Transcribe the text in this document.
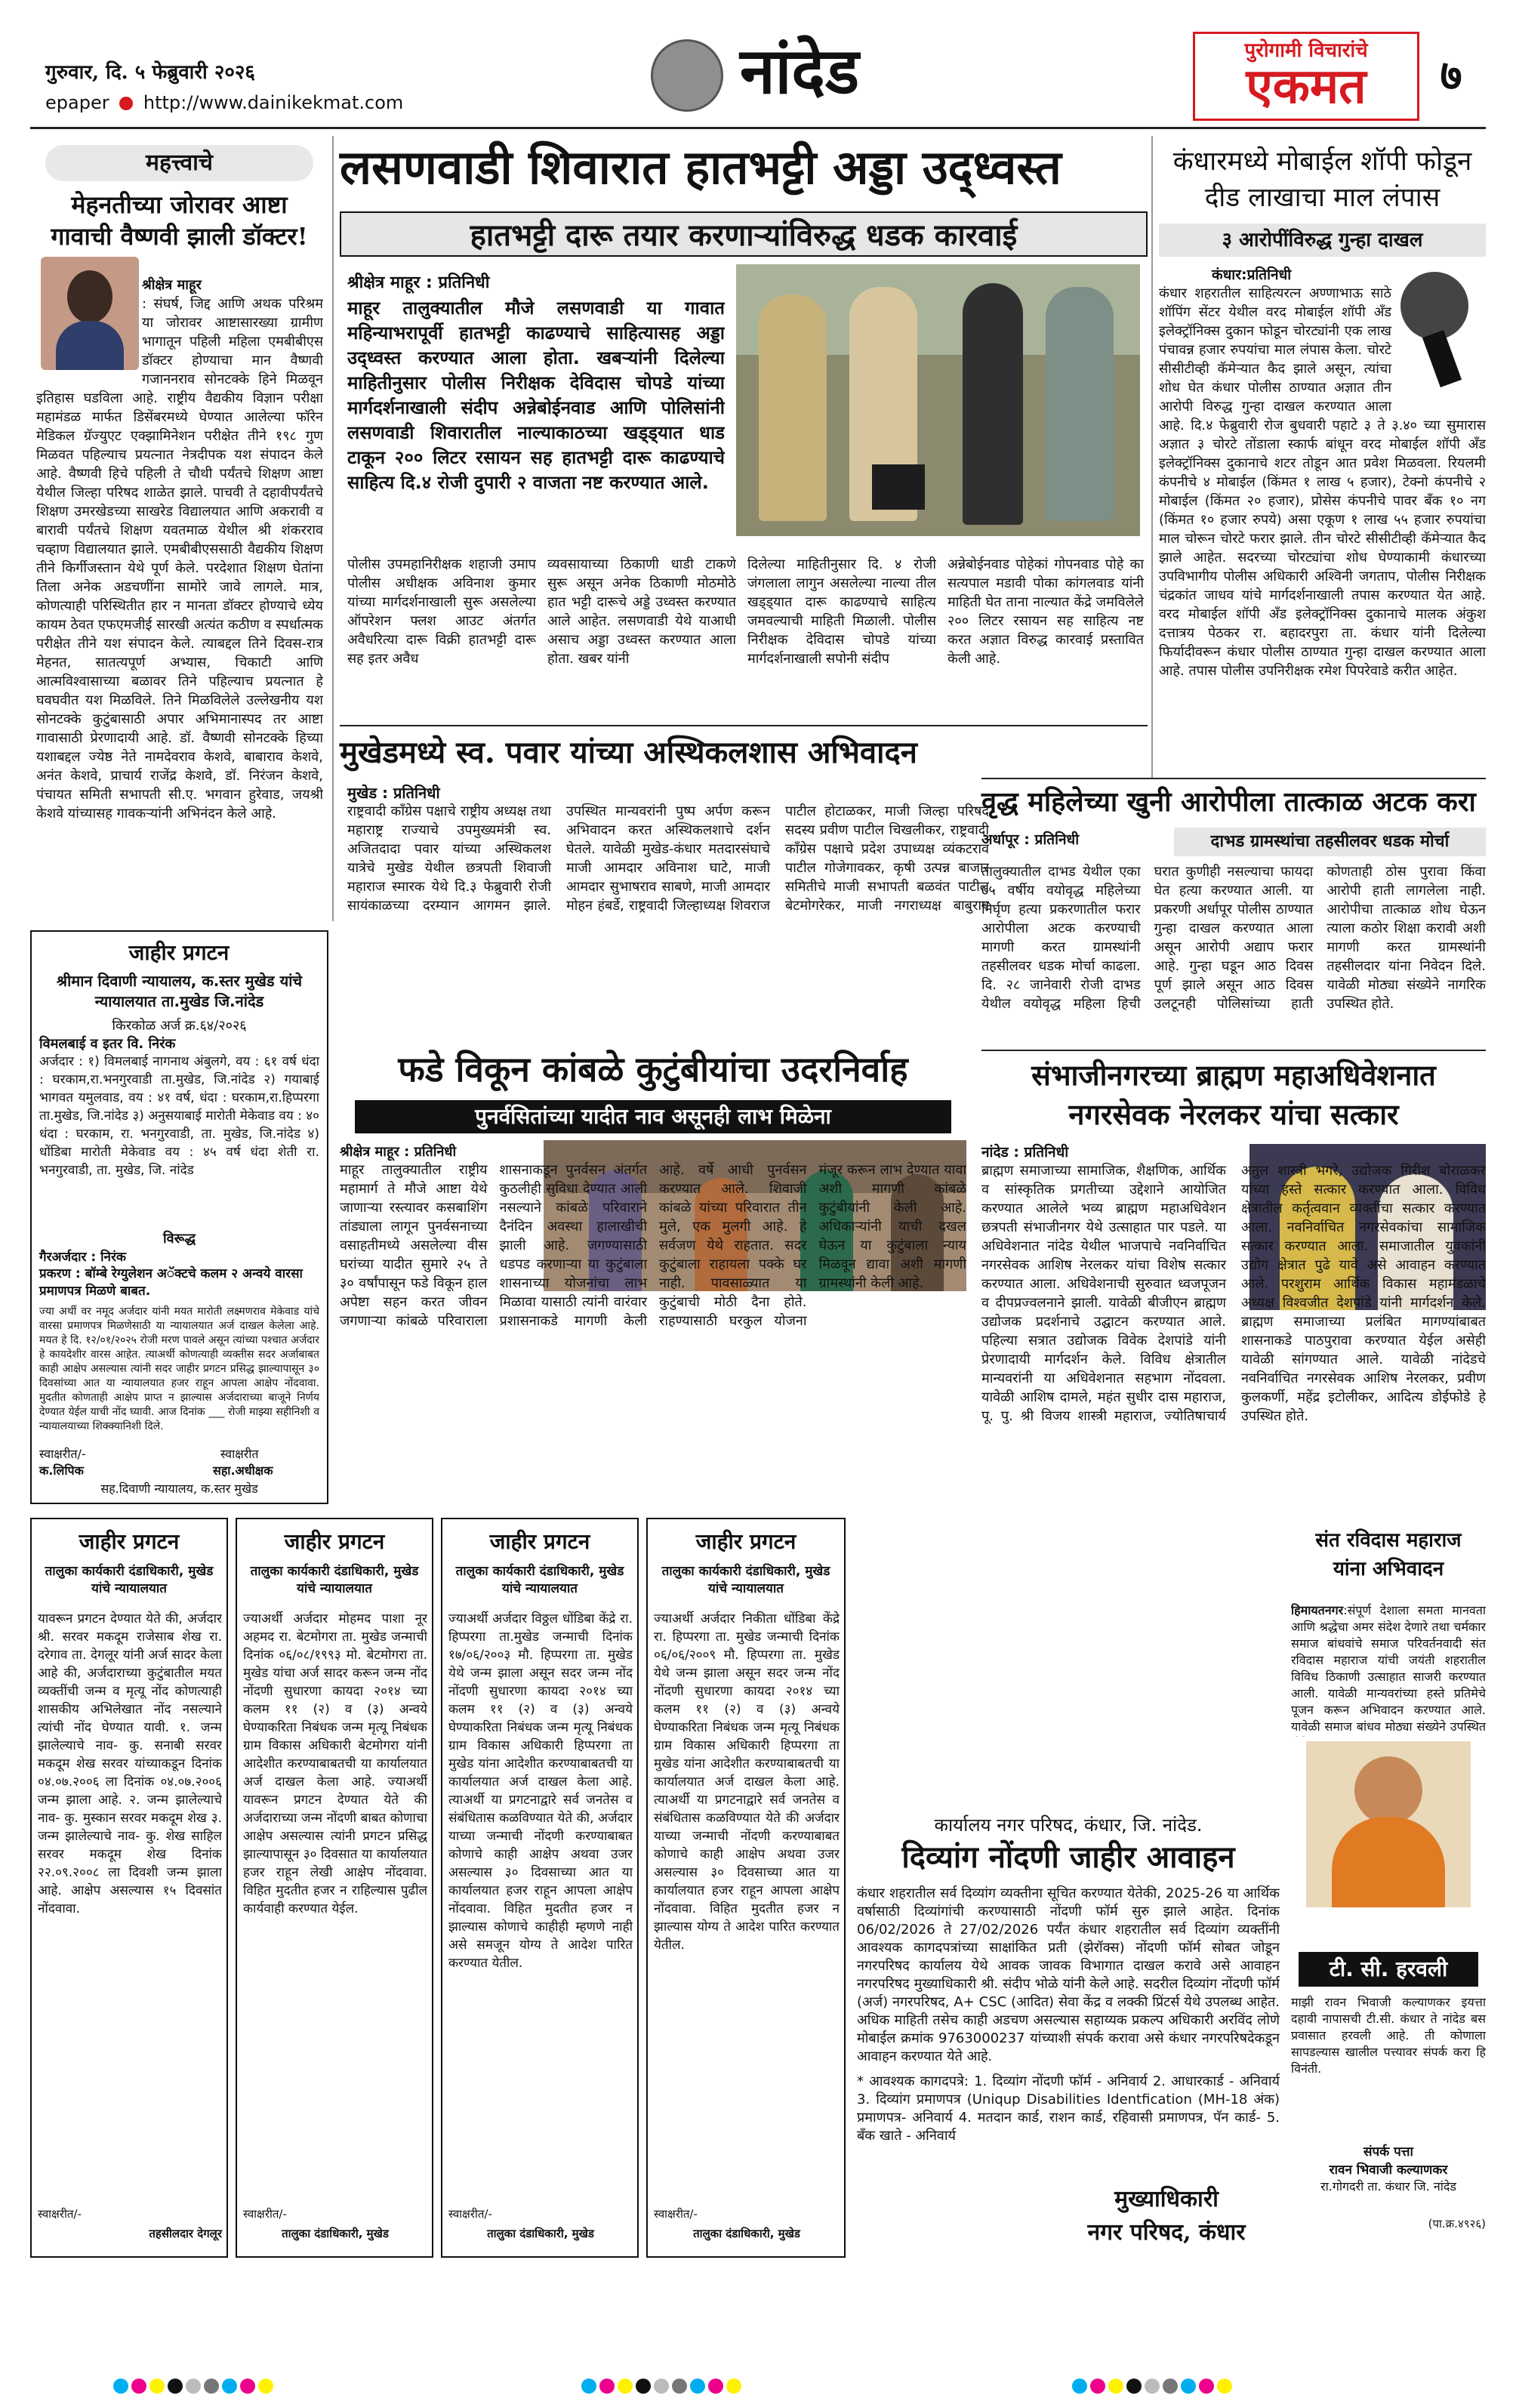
गुरुवार, दि. ५ फेब्रुवारी २०२६
epaper http://www.dainikekmat.com	नांदेड	पुरोगामी विचारांचे
एकमत	७
महत्त्वाचे
मेहनतीच्या जोरावर आष्टा गावाची वैष्णवी झाली डॉक्टर!

श्रीक्षेत्र माहूर
: संघर्ष, जिद्द आणि अथक परिश्रम या जोरावर आष्टासारख्या ग्रामीण भागातून पहिली महिला एमबीबीएस डॉक्टर होण्याचा मान वैष्णवी गजाननराव सोनटक्के हिने मिळवून इतिहास घडविला आहे. राष्ट्रीय वैद्यकीय विज्ञान परीक्षा महामंडळ मार्फत डिसेंबरमध्ये घेण्यात आलेल्या फॉरेन मेडिकल ग्रॅज्युएट एक्झामिनेशन परीक्षेत तीने १९८ गुण मिळवत पहिल्याच प्रयत्नात नेत्रदीपक यश संपादन केले आहे. वैष्णवी हिचे पहिली ते चौथी पर्यंतचे शिक्षण आष्टा येथील जिल्हा परिषद शाळेत झाले. पाचवी ते दहावीपर्यंतचे शिक्षण उमरखेडच्या साखरेड विद्यालयात आणि अकरावी व बारावी पर्यंतचे शिक्षण यवतमाळ येथील श्री शंकरराव चव्हाण विद्यालयात झाले. एमबीबीएससाठी वैद्यकीय शिक्षण तीने किर्गीजस्तान येथे पूर्ण केले. परदेशात शिक्षण घेतांना तिला अनेक अडचणींना सामोरे जावे लागले. मात्र, कोणत्याही परिस्थितीत हार न मानता डॉक्टर होण्याचे ध्येय कायम ठेवत एफएमजीई सारखी अत्यंत कठीण व स्पर्धात्मक परीक्षेत तीने यश संपादन केले. त्याबद्दल तिने दिवस-रात्र मेहनत, सातत्यपूर्ण अभ्यास, चिकाटी आणि आत्मविश्वासाच्या बळावर तिने पहिल्याच प्रयत्नात हे घवघवीत यश मिळविले. तिने मिळविलेले उल्लेखनीय यश सोनटक्के कुटुंबासाठी अपार अभिमानास्पद तर आष्टा गावासाठी प्रेरणादायी आहे. डॉ. वैष्णवी सोनटक्के हिच्या यशाबद्दल ज्येष्ठ नेते नामदेवराव केशवे, बाबाराव केशवे, अनंत केशवे, प्राचार्य राजेंद्र केशवे, डॉ. निरंजन केशवे, पंचायत समिती सभापती सी.ए. भगवान हुरेवाड, जयश्री केशवे यांच्यासह गावकऱ्यांनी अभिनंदन केले आहे.

लसणवाडी शिवारात हातभट्टी अड्डा उद्ध्वस्त
हातभट्टी दारू तयार करणाऱ्यांविरुद्ध धडक कारवाई
श्रीक्षेत्र माहूर : प्रतिनिधी
माहूर तालुक्यातील मौजे लसणवाडी या गावात महिन्याभरापूर्वी हातभट्टी काढण्याचे साहित्यासह अड्डा उद्ध्वस्त करण्यात आला होता. खबऱ्यांनी दिलेल्या माहितीनुसार पोलीस निरीक्षक देविदास चोपडे यांच्या मार्गदर्शनाखाली संदीप अन्नेबोईनवाड आणि पोलिसांनी लसणवाडी शिवारातील नाल्याकाठच्या खड्ड्यात धाड टाकून २०० लिटर रसायन सह हातभट्टी दारू काढण्याचे साहित्य दि.४ रोजी दुपारी २ वाजता नष्ट करण्यात आले.
पोलीस उपमहानिरीक्षक शहाजी उमाप पोलीस अधीक्षक अविनाश कुमार यांच्या मार्गदर्शनाखाली सुरू असलेल्या ऑपरेशन फ्लश आउट अंतर्गत अवैधरित्या दारू विक्री हातभट्टी दारू सह इतर अवैध
व्यवसायाच्या ठिकाणी धाडी टाकणे सुरू असून अनेक ठिकाणी मोठमोठे हात भट्टी दारूचे अड्डे उध्वस्त करण्यात आले आहेत. लसणवाडी येथे याआधी असाच अड्डा उध्वस्त करण्यात आला होता. खबर यांनी
दिलेल्या माहितीनुसार दि. ४ रोजी जंगलाला लागुन असलेल्या नाल्या तील खड्ड्यात दारू काढण्याचे साहित्य जमवल्याची माहिती मिळाली. पोलीस निरीक्षक देविदास चोपडे यांच्या मार्गदर्शनाखाली सपोनी संदीप
अन्नेबोईनवाड पोहेकां गोपनवाड पोहे का सत्यपाल मडावी पोका कांगलवाड यांनी माहिती घेत ताना नाल्यात केंद्रे जमविलेले २०० लिटर रसायन सह साहित्य नष्ट करत अज्ञात विरुद्ध कारवाई प्रस्तावित केली आहे.
मुखेडमध्ये स्व. पवार यांच्या अस्थिकलशास अभिवादन
मुखेड : प्रतिनिधी
राष्ट्रवादी काँग्रेस पक्षाचे राष्ट्रीय अध्यक्ष तथा महाराष्ट्र राज्याचे उपमुख्यमंत्री स्व. अजितदादा पवार यांच्या अस्थिकलश यात्रेचे मुखेड येथील छत्रपती शिवाजी महाराज स्मारक येथे दि.३ फेब्रुवारी रोजी सायंकाळच्या दरम्यान आगमन झाले. उपस्थित मान्यवरांनी पुष्प अर्पण करून अभिवादन करत अस्थिकलशाचे दर्शन घेतले. यावेळी मुखेड-कंधार मतदारसंघाचे माजी आमदार अविनाश घाटे, माजी आमदार सुभाषराव साबणे, माजी आमदार मोहन हंबर्डे, राष्ट्रवादी जिल्हाध्यक्ष शिवराज पाटील होटाळकर, माजी जिल्हा परिषद सदस्य प्रवीण पाटील चिखलीकर, राष्ट्रवादी काँग्रेस पक्षाचे प्रदेश उपाध्यक्ष व्यंकटराव पाटील गोजेगावकर, कृषी उत्पन्न बाजार समितीचे माजी सभापती बळवंत पाटील बेटमोगरेकर, माजी नगराध्यक्ष बाबुराव
कंधारमध्ये मोबाईल शॉपी फोडून दीड लाखाचा माल लंपास
३ आरोपींविरुद्ध गुन्हा दाखल
कंधार:प्रतिनिधी
कंधार शहरातील साहित्यरत्न अण्णाभाऊ साठे शॉपिंग सेंटर येथील वरद मोबाईल शॉपी अँड इलेक्ट्रॉनिक्स दुकान फोडून चोरट्यांनी एक लाख पंचावन्न हजार रुपयांचा माल लंपास केला. चोरटे सीसीटीव्ही कॅमेऱ्यात कैद झाले असून, त्यांचा शोध घेत कंधार पोलीस ठाण्यात अज्ञात तीन आरोपी विरुद्ध गुन्हा दाखल करण्यात आला आहे. दि.४ फेब्रुवारी रोज बुधवारी पहाटे ३ ते ३.४० च्या सुमारास अज्ञात ३ चोरटे तोंडाला स्कार्फ बांधून वरद मोबाईल शॉपी अँड इलेक्ट्रॉनिक्स दुकानाचे शटर तोडून आत प्रवेश मिळवला. रियलमी कंपनीचे ४ मोबाईल (किंमत १ लाख ५ हजार), टेक्नो कंपनीचे २ मोबाईल (किंमत २० हजार), प्रोसेस कंपनीचे पावर बँक १० नग (किंमत १० हजार रुपये) असा एकूण १ लाख ५५ हजार रुपयांचा माल चोरून चोरटे फरार झाले. तीन चोरटे सीसीटीव्ही कॅमेऱ्यात कैद झाले आहेत. सदरच्या चोरट्यांचा शोध घेण्याकामी कंधारच्या उपविभागीय पोलीस अधिकारी अश्विनी जगताप, पोलीस निरीक्षक चंद्रकांत जाधव यांचे मार्गदर्शनाखाली तपास करण्यात येत आहे. वरद मोबाईल शॉपी अँड इलेक्ट्रॉनिक्स दुकानाचे मालक अंकुश दत्तात्रय पेठकर रा. बहादरपुरा ता. कंधार यांनी दिलेल्या फिर्यादीवरून कंधार पोलीस ठाण्यात गुन्हा दाखल करण्यात आला आहे. तपास पोलीस उपनिरीक्षक रमेश पिपरेवाडे करीत आहेत.
वृद्ध महिलेच्या खुनी आरोपीला तात्काळ अटक करा
अर्धापूर : प्रतिनिधी	दाभड ग्रामस्थांचा तहसीलवर धडक मोर्चा
तालुक्यातील दाभड येथील एका ७५ वर्षीय वयोवृद्ध महिलेच्या निर्घृण हत्या प्रकरणातील फरार आरोपीला अटक करण्याची मागणी करत ग्रामस्थांनी तहसीलवर धडक मोर्चा काढला. दि. २८ जानेवारी रोजी दाभड येथील वयोवृद्ध महिला हिची घरात कुणीही नसल्याचा फायदा घेत हत्या करण्यात आली. या प्रकरणी अर्धापूर पोलीस ठाण्यात गुन्हा दाखल करण्यात आला असून आरोपी अद्याप फरार आहे. गुन्हा घडून आठ दिवस पूर्ण झाले असून आठ दिवस उलटूनही पोलिसांच्या हाती कोणताही ठोस पुरावा किंवा आरोपी हाती लागलेला नाही. आरोपीचा तात्काळ शोध घेऊन त्याला कठोर शिक्षा करावी अशी मागणी करत ग्रामस्थांनी तहसीलदार यांना निवेदन दिले. यावेळी मोठ्या संख्येने नागरिक उपस्थित होते.
जाहीर प्रगटन
श्रीमान दिवाणी न्यायालय, क.स्तर मुखेड यांचे न्यायालयात ता.मुखेड जि.नांदेड
किरकोळ अर्ज क्र.६४/२०२६
विमलबाई व इतर वि. निरंक
अर्जदार : १) विमलबाई नागनाथ अंबुलगे, वय : ६१ वर्ष धंदा : घरकाम,रा.भनगुरवाडी ता.मुखेड, जि.नांदेड २) गयाबाई भागवत यमुलवाड, वय : ४१ वर्ष, धंदा : घरकाम,रा.हिप्परगा ता.मुखेड, जि.नांदेड ३) अनुसयाबाई मारोती मेकेवाड वय : ४० धंदा : घरकाम, रा. भनगुरवाडी, ता. मुखेड, जि.नांदेड ४) धोंडिबा मारोती मेकेवाड वय : ४५ वर्ष धंदा शेती रा. भनगुरवाडी, ता. मुखेड, जि. नांदेड
विरूद्ध
गैरअर्जदार : निरंक
प्रकरण : बॉम्बे रेग्युलेशन अॅक्टचे कलम २ अन्वये वारसा प्रमाणपत्र मिळणे बाबत.
ज्या अर्थी वर नमूद अर्जदार यांनी मयत मारोती लक्ष्मणराव मेकेवाड यांचे वारसा प्रमाणपत्र मिळणेसाठी या न्यायालयात अर्ज दाखल केलेला आहे. मयत हे दि. १२/०१/२०२५ रोजी मरण पावले असून त्यांच्या पश्चात अर्जदार हे कायदेशीर वारस आहेत. त्याअर्थी कोणत्याही व्यक्तीस सदर अर्जाबाबत काही आक्षेप असल्यास त्यांनी सदर जाहीर प्रगटन प्रसिद्ध झाल्यापासून ३० दिवसांच्या आत या न्यायालयात हजर राहून आपला आक्षेप नोंदवावा. मुदतीत कोणताही आक्षेप प्राप्त न झाल्यास अर्जदाराच्या बाजूने निर्णय देण्यात येईल याची नोंद घ्यावी. आज दिनांक ___ रोजी माझ्या सहीनिशी व न्यायालयाच्या शिक्क्यानिशी दिले.
स्वाक्षरीत/-	स्वाक्षरीत
क.लिपिक	सहा.अधीक्षक
सह.दिवाणी न्यायालय, क.स्तर मुखेड
फडे विकून कांबळे कुटुंबीयांचा उदरनिर्वाह
पुनर्वसितांच्या यादीत नाव असूनही लाभ मिळेना
श्रीक्षेत्र माहूर : प्रतिनिधी
माहूर तालुक्यातील राष्ट्रीय महामार्ग ते मौजे आष्टा येथे जाणाऱ्या रस्त्यावर कसबाशिंग तांड्याला लागून पुनर्वसनाच्या वसाहतीमध्ये असलेल्या वीस घरांच्या यादीत सुमारे २५ ते ३० वर्षांपासून फडे विकून हाल अपेष्टा सहन करत जीवन जगणाऱ्या कांबळे परिवाराला शासनाकडून पुनर्वसन अंतर्गत कुठलीही सुविधा देण्यात आली नसल्याने कांबळे परिवाराने दैनंदिन अवस्था हालाखीची झाली आहे. जगण्यासाठी धडपड करणाऱ्या या कुटुंबाला शासनाच्या योजनांचा लाभ मिळावा यासाठी त्यांनी वारंवार प्रशासनाकडे मागणी केली आहे. वर्षे आधी पुनर्वसन करण्यात आले. शिवाजी कांबळे यांच्या परिवारात तीन मुले, एक मुलगी आहे. हे सर्वजण येथे राहतात. सदर कुटुंबाला राहायला पक्के घर नाही. पावसाळ्यात या कुटुंबाची मोठी दैना होते. राहण्यासाठी घरकुल योजना मंजूर करून लाभ देण्यात यावा अशी मागणी कांबळे कुटुंबीयांनी केली आहे. अधिकाऱ्यांनी याची दखल घेऊन या कुटुंबाला न्याय मिळवून द्यावा अशी मागणी ग्रामस्थांनी केली आहे.
संभाजीनगरच्या ब्राह्मण महाअधिवेशनात नगरसेवक नेरलकर यांचा सत्कार
नांदेड : प्रतिनिधी
ब्राह्मण समाजाच्या सामाजिक, शैक्षणिक, आर्थिक व सांस्कृतिक प्रगतीच्या उद्देशाने आयोजित करण्यात आलेले भव्य ब्राह्मण महाअधिवेशन छत्रपती संभाजीनगर येथे उत्साहात पार पडले. या अधिवेशनात नांदेड येथील भाजपाचे नवनिर्वाचित नगरसेवक आशिष नेरलकर यांचा विशेष सत्कार करण्यात आला. अधिवेशनाची सुरुवात ध्वजपूजन व दीपप्रज्वलनाने झाली. यावेळी बीजीएन ब्राह्मण उद्योजक प्रदर्शनाचे उद्घाटन करण्यात आले. पहिल्या सत्रात उद्योजक विवेक देशपांडे यांनी प्रेरणादायी मार्गदर्शन केले. विविध क्षेत्रातील मान्यवरांनी या अधिवेशनात सहभाग नोंदवला. यावेळी आशिष दामले, महंत सुधीर दास महाराज, पू. पु. श्री विजय शास्त्री महाराज, ज्योतिषाचार्य अतुल शास्त्री भगरे, उद्योजक गिरीश बोराळकर यांच्या हस्ते सत्कार करण्यात आला. विविध क्षेत्रातील कर्तृत्ववान व्यक्तींचा सत्कार करण्यात आला. नवनिर्वाचित नगरसेवकांचा सामाजिक सत्कार करण्यात आला. समाजातील युवकांनी उद्योग क्षेत्रात पुढे यावे असे आवाहन करण्यात आले. परशुराम आर्थिक विकास महामंडळाचे अध्यक्ष विश्वजीत देशपांडे यांनी मार्गदर्शन केले. ब्राह्मण समाजाच्या प्रलंबित मागण्यांबाबत शासनाकडे पाठपुरावा करण्यात येईल असेही यावेळी सांगण्यात आले. यावेळी नांदेडचे नवनिर्वाचित नगरसेवक आशिष नेरलकर, प्रवीण कुलकर्णी, महेंद्र इटोलीकर, आदित्य डोईफोडे हे उपस्थित होते.
जाहीर प्रगटन
तालुका कार्यकारी दंडाधिकारी, मुखेड यांचे न्यायालयात
यावरून प्रगटन देण्यात येते की, अर्जदार श्री. सरवर मकदूम राजेसाब शेख रा. दरेगाव ता. देगलूर यांनी अर्ज सादर केला आहे की, अर्जदाराच्या कुटुंबातील मयत व्यक्तींची जन्म व मृत्यू नोंद कोणत्याही शासकीय अभिलेखात नोंद नसल्याने त्यांची नोंद घेण्यात यावी. १. जन्म झालेल्याचे नाव- कु. सनाबी सरवर मकदूम शेख सरवर यांच्याकडून दिनांक ०४.०७.२००६ ला दिनांक ०४.०७.२००६ जन्म झाला आहे. २. जन्म झालेल्याचे नाव- कु. मुस्कान सरवर मकदूम शेख ३. जन्म झालेल्याचे नाव- कु. शेख साहिल सरवर मकदूम शेख दिनांक २२.०९.२००८ ला दिवशी जन्म झाला आहे. आक्षेप असल्यास १५ दिवसांत नोंदवावा.
स्वाक्षरीत/-
तहसीलदार देगलूर
जाहीर प्रगटन
तालुका कार्यकारी दंडाधिकारी, मुखेड यांचे न्यायालयात
ज्याअर्थी अर्जदार मोहमद पाशा नूर अहमद रा. बेटमोगरा ता. मुखेड जन्माची दिनांक ०६/०८/१९९३ मो. बेटमोगरा ता. मुखेड यांचा अर्ज सादर करून जन्म नोंद नोंदणी सुधारणा कायदा २०१४ च्या कलम ११ (२) व (३) अन्वये घेण्याकरिता निबंधक जन्म मृत्यू निबंधक ग्राम विकास अधिकारी बेटमोगरा यांनी आदेशीत करण्याबाबतची या कार्यालयात अर्ज दाखल केला आहे. ज्याअर्थी यावरून प्रगटन देण्यात येते की अर्जदाराच्या जन्म नोंदणी बाबत कोणाचा आक्षेप असल्यास त्यांनी प्रगटन प्रसिद्ध झाल्यापासून ३० दिवसात या कार्यालयात हजर राहून लेखी आक्षेप नोंदवावा. विहित मुदतीत हजर न राहिल्यास पुढील कार्यवाही करण्यात येईल.
स्वाक्षरीत/-
तालुका दंडाधिकारी, मुखेड
जाहीर प्रगटन
तालुका कार्यकारी दंडाधिकारी, मुखेड यांचे न्यायालयात
ज्याअर्थी अर्जदार विठ्ठल धोंडिबा केंद्रे रा. हिप्परगा ता.मुखेड जन्माची दिनांक १७/०६/२००३ मौ. हिप्परगा ता. मुखेड येथे जन्म झाला असून सदर जन्म नोंद नोंदणी सुधारणा कायदा २०१४ च्या कलम ११ (२) व (३) अन्वये घेण्याकरिता निबंधक जन्म मृत्यू निबंधक ग्राम विकास अधिकारी हिप्परगा ता मुखेड यांना आदेशीत करण्याबाबतची या कार्यालयात अर्ज दाखल केला आहे. त्याअर्थी या प्रगटनाद्वारे सर्व जनतेस व संबंधितास कळविण्यात येते की, अर्जदार याच्या जन्माची नोंदणी करण्याबाबत कोणाचे काही आक्षेप अथवा उजर असल्यास ३० दिवसाच्या आत या कार्यालयात हजर राहून आपला आक्षेप नोंदवावा. विहित मुदतीत हजर न झाल्यास कोणाचे काहीही म्हणणे नाही असे समजून योग्य ते आदेश पारित करण्यात येतील.
स्वाक्षरीत/-
तालुका दंडाधिकारी, मुखेड
जाहीर प्रगटन
तालुका कार्यकारी दंडाधिकारी, मुखेड यांचे न्यायालयात
ज्याअर्थी अर्जदार निकीता धोंडिबा केंद्रे रा. हिप्परगा ता. मुखेड जन्माची दिनांक ०६/०६/२००९ मौ. हिप्परगा ता. मुखेड येथे जन्म झाला असून सदर जन्म नोंद नोंदणी सुधारणा कायदा २०१४ च्या कलम ११ (२) व (३) अन्वये घेण्याकरिता निबंधक जन्म मृत्यू निबंधक ग्राम विकास अधिकारी हिप्परगा ता मुखेड यांना आदेशीत करण्याबाबतची या कार्यालयात अर्ज दाखल केला आहे. त्याअर्थी या प्रगटनाद्वारे सर्व जनतेस व संबंधितास कळविण्यात येते की अर्जदार याच्या जन्माची नोंदणी करण्याबाबत कोणाचे काही आक्षेप अथवा उजर असल्यास ३० दिवसाच्या आत या कार्यालयात हजर राहून आपला आक्षेप नोंदवावा. विहित मुदतीत हजर न झाल्यास योग्य ते आदेश पारित करण्यात येतील.
स्वाक्षरीत/-
तालुका दंडाधिकारी, मुखेड
कार्यालय नगर परिषद, कंधार, जि. नांदेड.
दिव्यांग नोंदणी जाहीर आवाहन
कंधार शहरातील सर्व दिव्यांग व्यक्तीना सूचित करण्यात येतेकी, 2025-26 या आर्थिक वर्षासाठी दिव्यांगांची करण्यासाठी नोंदणी फॉर्म सुरु झाले आहेत. दिनांक 06/02/2026 ते 27/02/2026 पर्यंत कंधार शहरातील सर्व दिव्यांग व्यक्तींनी आवश्यक कागदपत्रांच्या साक्षांकित प्रती (झेरॉक्स) नोंदणी फॉर्म सोबत जोडून नगरपरिषद कार्यालय येथे आवक जावक विभागात दाखल करावे असे आवाहन नगरपरिषद मुख्याधिकारी श्री. संदीप भोळे यांनी केले आहे. सदरील दिव्यांग नोंदणी फॉर्म (अर्ज) नगरपरिषद, A+ CSC (आदित) सेवा केंद्र व लक्की प्रिंटर्स येथे उपलब्ध आहेत. अधिक माहिती तसेच काही अडचण असल्यास सहाय्यक प्रकल्प अधिकारी अरविंद लोणे मोबाईल क्रमांक 9763000237 यांच्याशी संपर्क करावा असे कंधार नगरपरिषदेकडून आवाहन करण्यात येते आहे.
* आवश्यक कागदपत्रे: 1. दिव्यांग नोंदणी फॉर्म - अनिवार्य 2. आधारकार्ड - अनिवार्य 3. दिव्यांग प्रमाणपत्र (Uniqup Disabilities Identfication (MH-18 अंक) प्रमाणपत्र- अनिवार्य 4. मतदान कार्ड, राशन कार्ड, रहिवासी प्रमाणपत्र, पॅन कार्ड- 5. बँक खाते - अनिवार्य
मुख्याधिकारी
नगर परिषद, कंधार
संत रविदास महाराज
यांना अभिवादन

हिमायतनगर:संपूर्ण देशाला समता मानवता आणि श्रद्धेचा अमर संदेश देणारे तथा चर्मकार समाज बांधवांचे समाज परिवर्तनवादी संत रविदास महाराज यांची जयंती शहरातील विविध ठिकाणी उत्साहात साजरी करण्यात आली. यावेळी मान्यवरांच्या हस्ते प्रतिमेचे पूजन करून अभिवादन करण्यात आले. यावेळी समाज बांधव मोठ्या संख्येने उपस्थित

टी. सी. हरवली
माझी रावन भिवाजी कल्याणकर इयत्ता दहावी नापासची टी.सी. कंधार ते नांदेड बस प्रवासात हरवली आहे. ती कोणाला सापडल्यास खालील पत्त्यावर संपर्क करा हि विनंती.
संपर्क पत्ता
रावन भिवाजी कल्याणकर
रा.गोगदरी ता. कंधार जि. नांदेड
(पा.क्र.४९२६)
